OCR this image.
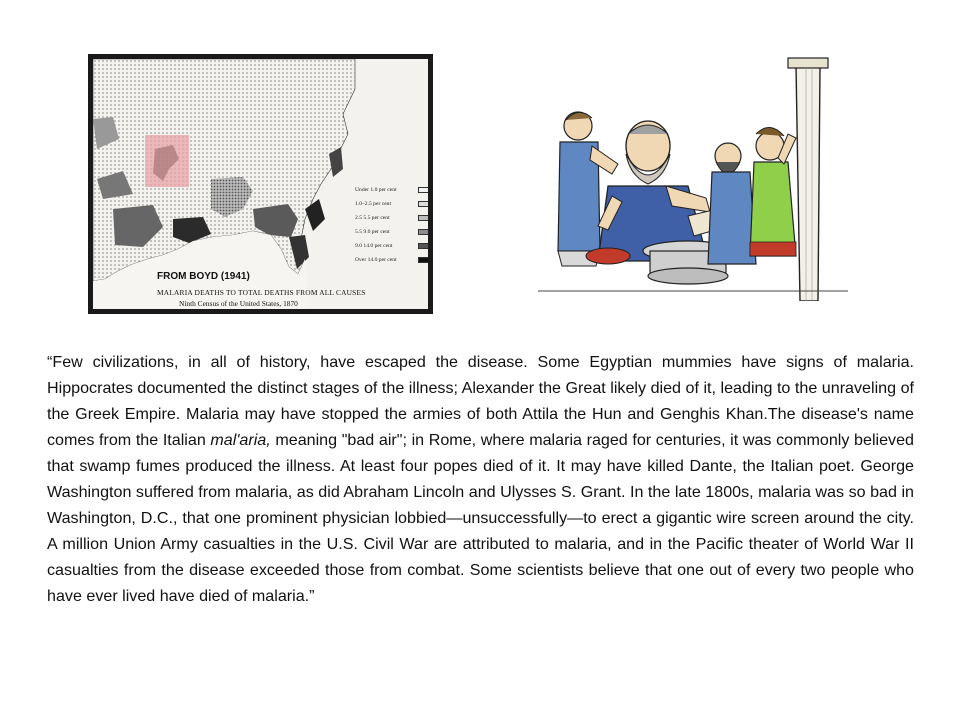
Under 1.0 per cent
1.0–2.5 per cent
2.5 5.5 per cent
5.5 9.0 per cent
9.0 14.0 per cent
Over 14.0 per cent
FROM BOYD (1941)
MALARIA DEATHS TO TOTAL DEATHS FROM ALL CAUSES
Ninth Census of the United States, 1870

“Few civilizations, in all of history, have escaped the disease. Some Egyptian mummies have signs of malaria. Hippocrates documented the distinct stages of the illness; Alexander the Great likely died of it, leading to the unraveling of the Greek Empire. Malaria may have stopped the armies of both Attila the Hun and Genghis Khan.The disease's name comes from the Italian mal'aria, meaning "bad air"; in Rome, where malaria raged for centuries, it was commonly believed that swamp fumes produced the illness. At least four popes died of it. It may have killed Dante, the Italian poet. George Washington suffered from malaria, as did Abraham Lincoln and Ulysses S. Grant. In the late 1800s, malaria was so bad in Washington, D.C., that one prominent physician lobbied—unsuccessfully—to erect a gigantic wire screen around the city. A million Union Army casualties in the U.S. Civil War are attributed to malaria, and in the Pacific theater of World War II casualties from the disease exceeded those from combat. Some scientists believe that one out of every two people who have ever lived have died of malaria.”
